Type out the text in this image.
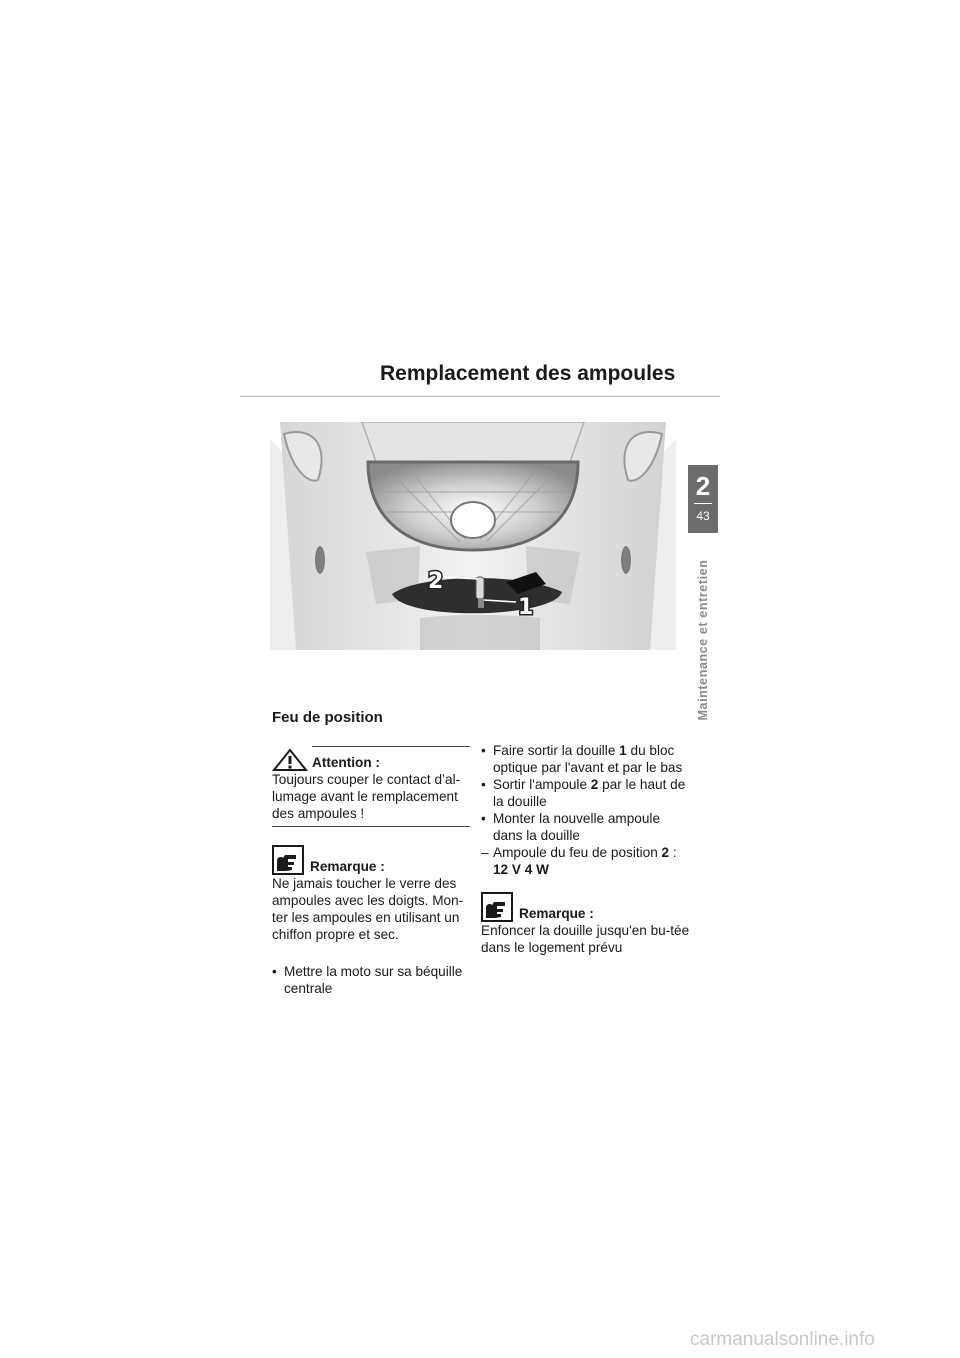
Remplacement des ampoules
2
43
Maintenance et entretien
2
1
Feu de position
Attention :

Toujours couper le contact d’al-lumage avant le remplacement des ampoules !

Remarque :

Ne jamais toucher le verre des ampoules avec les doigts. Mon-ter les ampoules en utilisant un chiffon propre et sec.

• Mettre la moto sur sa béquille centrale
• Faire sortir la douille 1 du bloc optique par l'avant et par le bas
• Sortir l'ampoule 2 par le haut de la douille
• Monter la nouvelle ampoule dans la douille
– Ampoule du feu de position 2 :
12 V 4 W
Remarque :

Enfoncer la douille jusqu'en bu-tée dans le logement prévu

carmanualsonline.info
